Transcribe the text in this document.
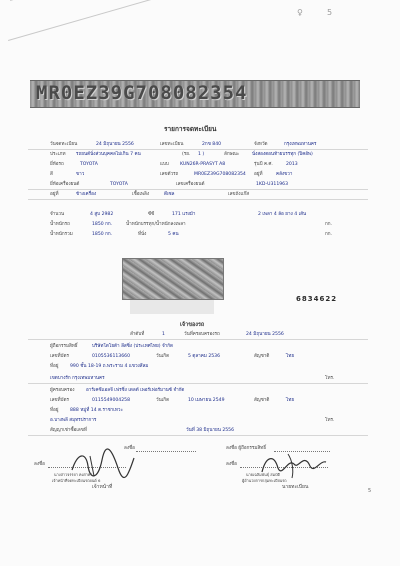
♀	5
MR0EZ39G708082354
รายการจดทะเบียน
วันจดทะเบียน	24 มิถุนายน 2556	เลขทะเบียน	2กข 840	จังหวัด	กรุงเทพมหานคร
ประเภท รถยนต์นั่งส่วนบุคคลไม่เกิน 7 คน	(รย. 1 )	ลักษณะ	นั่งสองตอนท้ายบรรทุก (ปิคอัพ)
ยี่ห้อรถ	TOYOTA	แบบ KUN26R-PRASYT A8	รุ่นปี ค.ศ.	2013
สี	ขาว	เลขตัวรถ	MR0EZ39G708082354 อยู่ที่	คลังขวา
ยี่ห้อเครื่องยนต์	TOYOTA	เลขเครื่องยนต์	1KD-U311963
อยู่ที่	ข้างเครื่อง	เชื้อเพลิง	ดีเซล	เลขถังแก๊ส
จำนวน	4 สูบ 2982	ซีซี	171 แรงม้า	2 เพลา 4 ล้อ ยาง 4 เส้น
น้ำหนักรถ	1850 กก.	น้ำหนักบรรทุก/น้ำหนักลงเพลา	กก.
น้ำหนักรวม	1850 กก.	ที่นั่ง	5 คน	กก.
6834622
เจ้าของรถ
ลำดับที่	1	วันที่ครอบครองรถ	24 มิถุนายน 2556
ผู้ถือกรรมสิทธิ์	บริษัทโตโยต้า ลีสซิ่ง (ประเทศไทย) จำกัด
เลขที่บัตร	0105536113660	วันเกิด	5 ตุลาคม 2536	สัญชาติ	ไทย
ที่อยู่	990 ชั้น 18-19 ถ.พระราม 4 แขวงสีลม
เขตบางรัก กรุงเทพมหานคร	โทร.
ผู้ครอบครอง	อาร์เคซีแอลจี เฟรชิ่ง เดลต้ เพอร์เฟอร์มานซ์ จำกัด
เลขที่บัตร	0115549004258	วันเกิด	10 เมษายน 2549	สัญชาติ	ไทย
ที่อยู่	888 หมู่ที่ 14 ต.ราชาเทวะ
อ.บางพลี สมุทรปราการ	โทร.
สัญญาเช่าซื้อเลขที่	วันที่ 38 มิถุนายน 2556
ลงชื่อ	ลงชื่อ ผู้ถือกรรมสิทธิ์
ลงชื่อ	ลงชื่อ
นางสาวจรรยา คงสาคร
เจ้าหน้าที่จดทะเบียนรถยนต์ 6
เจ้าหน้าที่
นายเฉลิมพันธุ์ สมบัติ
ผู้อำนวยการกลุ่มทะเบียนรถ
นายทะเบียน
5
